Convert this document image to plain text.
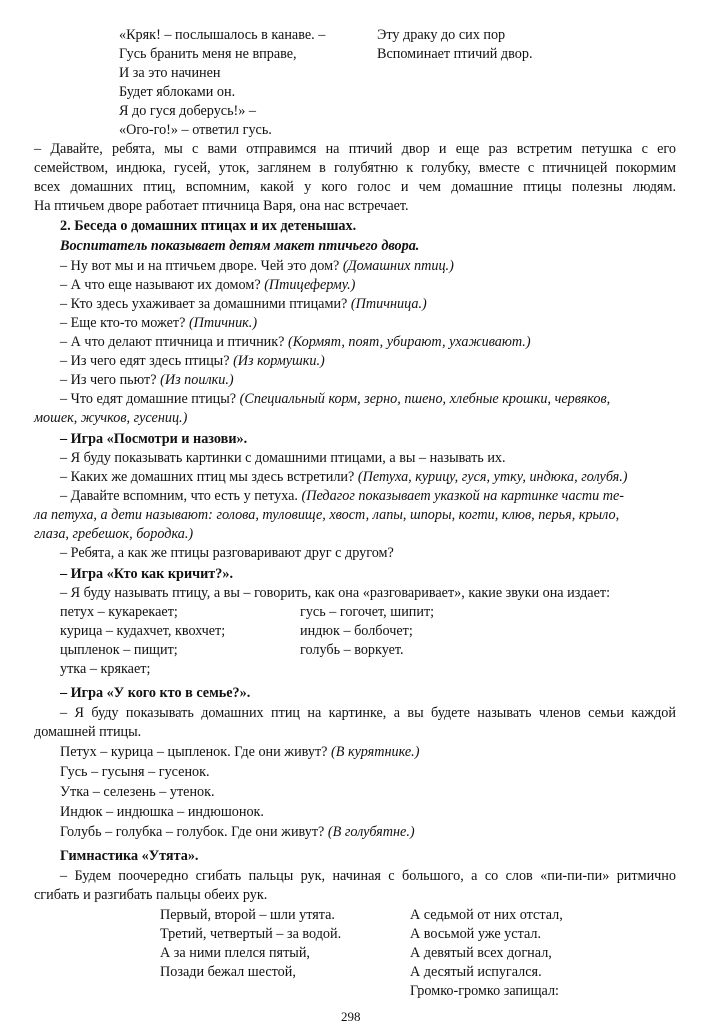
«Кряк! – послышалось в канаве. –
Гусь бранить меня не вправе,
И за это начинен
Будет яблоками он.
Я до гуся доберусь!» –
«Ого-го!» – ответил гусь.
Эту драку до сих пор
Вспоминает птичий двор.
– Давайте, ребята, мы с вами отправимся на птичий двор и еще раз встретим петушка с его
семейством, индюка, гусей, уток, заглянем в голубятню к голубку, вместе с птичницей покормим
всех домашних птиц, вспомним, какой у кого голос и чем домашние птицы полезны людям.
На птичьем дворе работает птичница Варя, она нас встречает.
2. Беседа о домашних птицах и их детенышах.
Воспитатель показывает детям макет птичьего двора.
– Ну вот мы и на птичьем дворе. Чей это дом? (Домашних птиц.)
– А что еще называют их домом? (Птицеферму.)
– Кто здесь ухаживает за домашними птицами? (Птичница.)
– Еще кто-то может? (Птичник.)
– А что делают птичница и птичник? (Кормят, поят, убирают, ухаживают.)
– Из чего едят здесь птицы? (Из кормушки.)
– Из чего пьют? (Из поилки.)
– Что едят домашние птицы? (Специальный корм, зерно, пшено, хлебные крошки, червяков,
мошек, жучков, гусениц.)
– Игра «Посмотри и назови».
– Я буду показывать картинки с домашними птицами, а вы – называть их.
– Каких же домашних птиц мы здесь встретили? (Петуха, курицу, гуся, утку, индюка, голубя.)
– Давайте вспомним, что есть у петуха. (Педагог показывает указкой на картинке части те-
ла петуха, а дети называют: голова, туловище, хвост, лапы, шпоры, когти, клюв, перья, крыло,
глаза, гребешок, бородка.)
– Ребята, а как же птицы разговаривают друг с другом?
– Игра «Кто как кричит?».
– Я буду называть птицу, а вы – говорить, как она «разговаривает», какие звуки она издает:
петух – кукарекает;
курица – кудахчет, квохчет;
цыпленок – пищит;
утка – крякает;
гусь – гогочет, шипит;
индюк – болбочет;
голубь – воркует.
– Игра «У кого кто в семье?».
– Я буду показывать домашних птиц на картинке, а вы будете называть членов семьи каждой
домашней птицы.
Петух – курица – цыпленок. Где они живут? (В курятнике.)
Гусь – гусыня – гусенок.
Утка – селезень – утенок.
Индюк – индюшка – индюшонок.
Голубь – голубка – голубок. Где они живут? (В голубятне.)
Гимнастика «Утята».
– Будем поочередно сгибать пальцы рук, начиная с большого, а со слов «пи-пи-пи» ритмично
сгибать и разгибать пальцы обеих рук.
Первый, второй – шли утята.
Третий, четвертый – за водой.
А за ними плелся пятый,
Позади бежал шестой,
А седьмой от них отстал,
А восьмой уже устал.
А девятый всех догнал,
А десятый испугался.
Громко-громко запищал:
298
